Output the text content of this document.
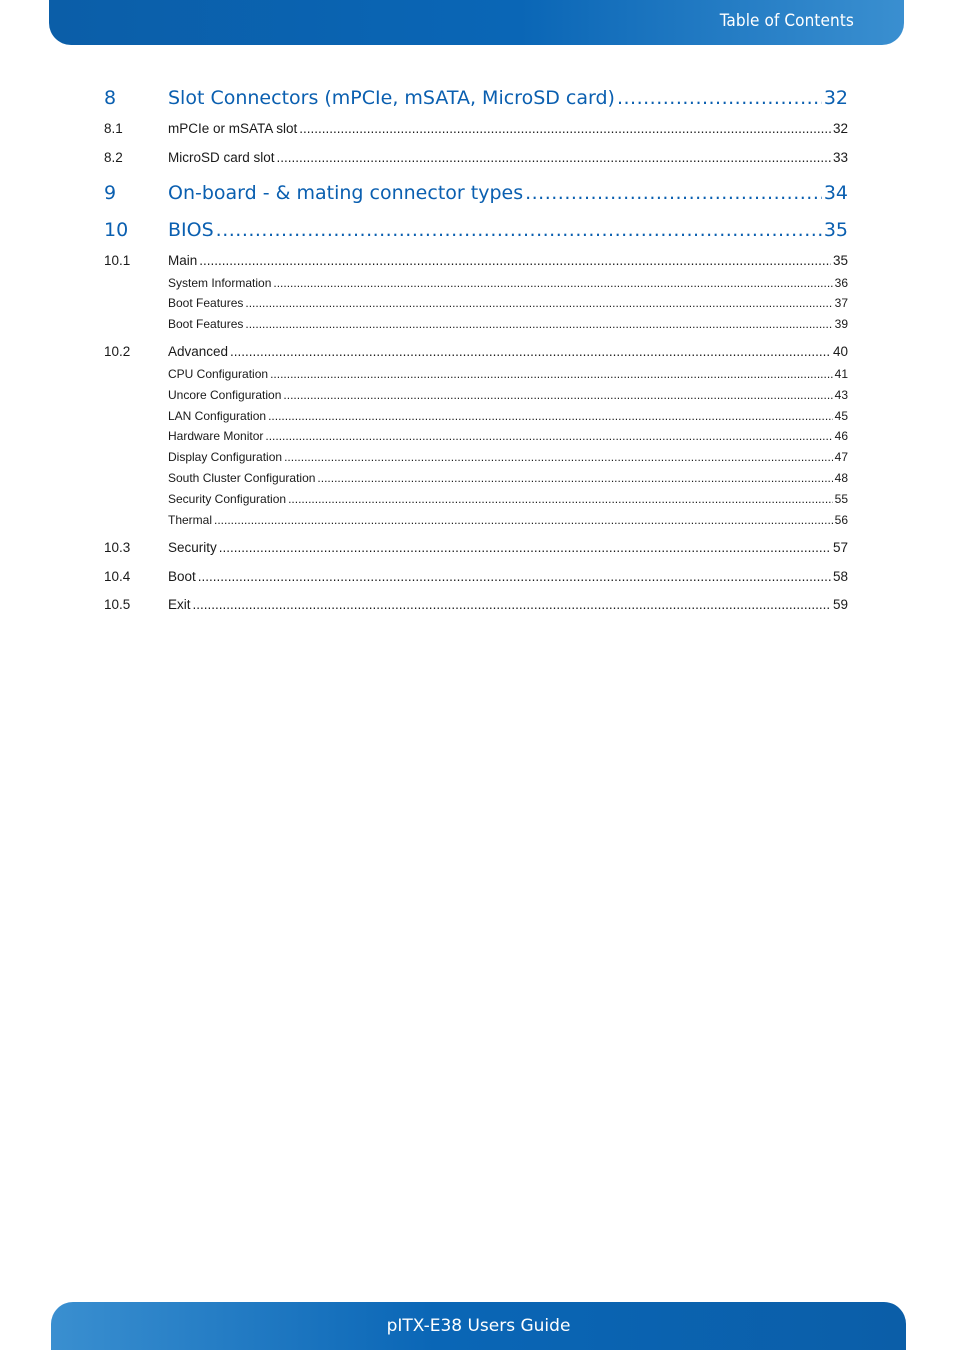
Table of Contents
8	Slot Connectors (mPCIe, mSATA, MicroSD card) .....	32
8.1	mPCIe or mSATA slot .....	32
8.2	MicroSD card slot .....	33
9	On-board - & mating connector types .....	34
10	BIOS .....	35
10.1	Main .....	35
System Information .....	36
Boot Features .....	37
Boot Features .....	39
10.2	Advanced .....	40
CPU Configuration .....	41
Uncore Configuration .....	43
LAN Configuration .....	45
Hardware Monitor .....	46
Display Configuration .....	47
South Cluster Configuration .....	48
Security Configuration .....	55
Thermal .....	56
10.3	Security .....	57
10.4	Boot .....	58
10.5	Exit .....	59
pITX-E38 Users Guide
